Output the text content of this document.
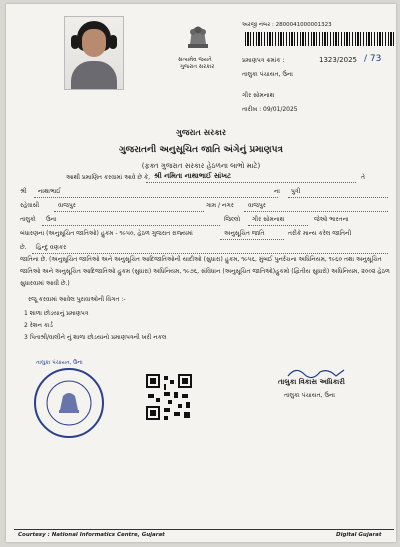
સત્યમેવ જયતે
ગુજરાત સરકાર
અરજી નંબર : 2800041000001323
પ્રમાણપત્ર ક્રમાંક :	1323/2025 / 73
તાલુકા પંચાયત, ઉના
ગીર સોમનાથ
તારીખ : 09/01/2025
ગુજરાત સરકાર
ગુજરાતની અનુસૂચિત જાતિ અંગેનું પ્રમાણપત્ર
(ફક્ત ગુજરાત સરકાર હેઠળના લાભો માટે)
આથી પ્રમાણિત કરવામાં આવે છે કે, શ્રી નમિતા નાથાભાઈ સાંખટ	તે
શ્રી નાથાભાઈ	ના પુત્રી
રહેવાસી	વાજપુર	ગામ / નગર વાજપુર
તાલુકો ઉના	જિલ્લો ગીર સોમનાથ	જેઓ ભારતના
બંધારણના (અનુસૂચિત જાતિઓ) હુકમ - ૧૯૫૦, હેઠળ ગુજરાત રાજ્યમાં	અનુસૂચિત જાતિ	તરીકે માન્ય કરેલ જાતિની
છે. હિન્દુ વણકર
જાતિના છે. (અનુસૂચિત જાતિઓ અને અનુસૂચિત આદિજાતિઓની યાદીઓ (સુધારા) હુકમ, ૧૯૫૬, મુંબઈ પુનર્રચના અધિનિયમ, ૧૯૬૦ તથા અનુસૂચિત જાતિઓ અને અનુસૂચિત આદિજાતિઓ હુકમ (સુધારા) અધિનિયમ, ૧૯૭૬, સંવિધાન (અનુસૂચિત જાતિઓ)હુકમો (દ્વિતીય સુધારો) અધિનિયમ, ૨૦૦૨ હેઠળ સુધારવામાં આવી છે.)
રજૂ કરવામાં આવેલ પુરાવાઓની વિગત :-
1 શાળા છોડયાનું પ્રમાણપત્ર
2 રેશન કાર્ડ
3 પિતાશ્રી/વાલીને નું શાળા છોડયાનો પ્રમાણપત્રની ખરી નકલ
તાલુકા પંચાયત, ઉના
તાલુકા વિકાસ અધિકારી
તાલુકા પંચાયત, ઉના
Courtesy : National Informatics Centre, Gujarat	Digital Gujarat
